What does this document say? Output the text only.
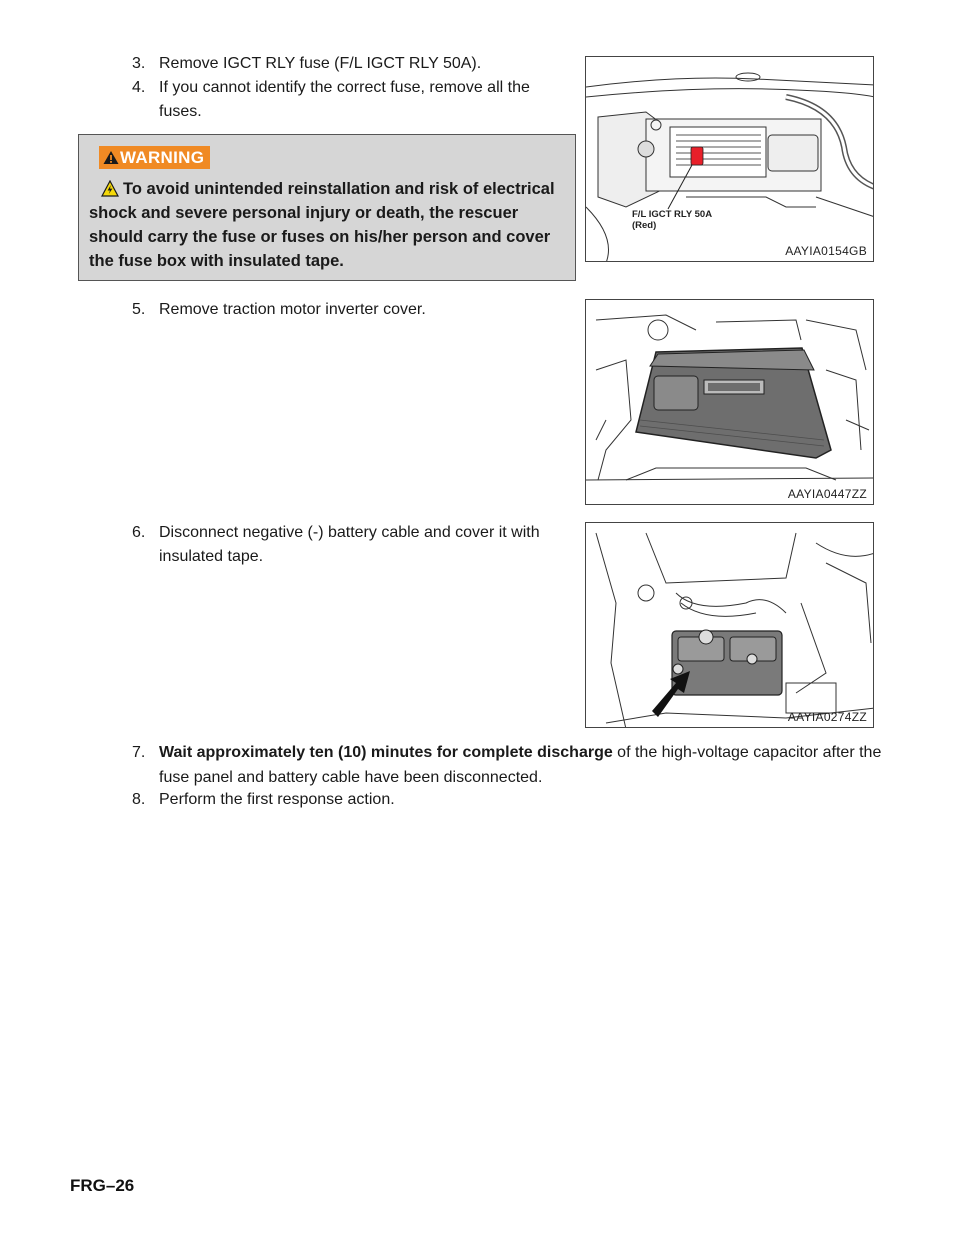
3. Remove IGCT RLY fuse (F/L IGCT RLY 50A).
4. If you cannot identify the correct fuse, remove all the
fuses.
WARNING
To avoid unintended reinstallation and risk of electrical shock and severe personal injury or death, the rescuer should carry the fuse or fuses on his/her person and cover the fuse box with insulated tape.
F/L IGCT RLY 50A
(Red)
AAYIA0154GB
5. Remove traction motor inverter cover.
AAYIA0447ZZ
6. Disconnect negative (-) battery cable and cover it with
insulated tape.
AAYIA0274ZZ
7. Wait approximately ten (10) minutes for complete discharge of the high-voltage capacitor after the fuse panel and battery cable have been disconnected.
8. Perform the first response action.
FRG–26
